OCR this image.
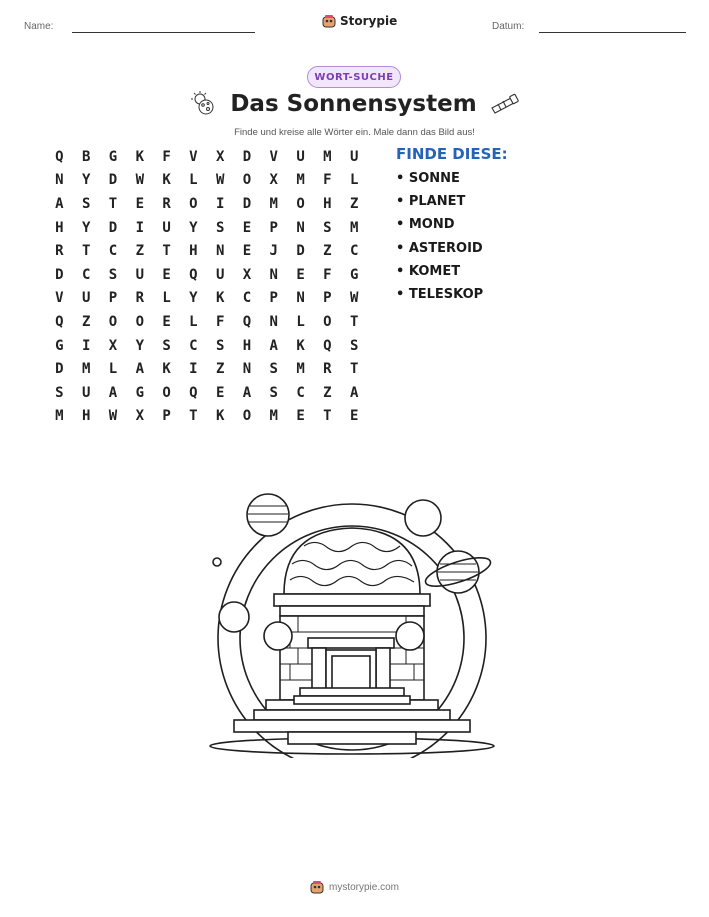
Name:	Storypie	Datum:
WORT-SUCHE
Das Sonnensystem
Finde und kreise alle Wörter ein. Male dann das Bild aus!
Q	B	G	K	F	V	X	D	V	U	M	U
N	Y	D	W	K	L	W	O	X	M	F	L
A	S	T	E	R	O	I	D	M	O	H	Z
H	Y	D	I	U	Y	S	E	P	N	S	M
R	T	C	Z	T	H	N	E	J	D	Z	C
D	C	S	U	E	Q	U	X	N	E	F	G
V	U	P	R	L	Y	K	C	P	N	P	W
Q	Z	O	O	E	L	F	Q	N	L	O	T
G	I	X	Y	S	C	S	H	A	K	Q	S
D	M	L	A	K	I	Z	N	S	M	R	T
S	U	A	G	O	Q	E	A	S	C	Z	A
M	H	W	X	P	T	K	O	M	E	T	E
FINDE DIESE:
• SONNE
• PLANET
• MOND
• ASTEROID
• KOMET
• TELESKOP
mystorypie.com
